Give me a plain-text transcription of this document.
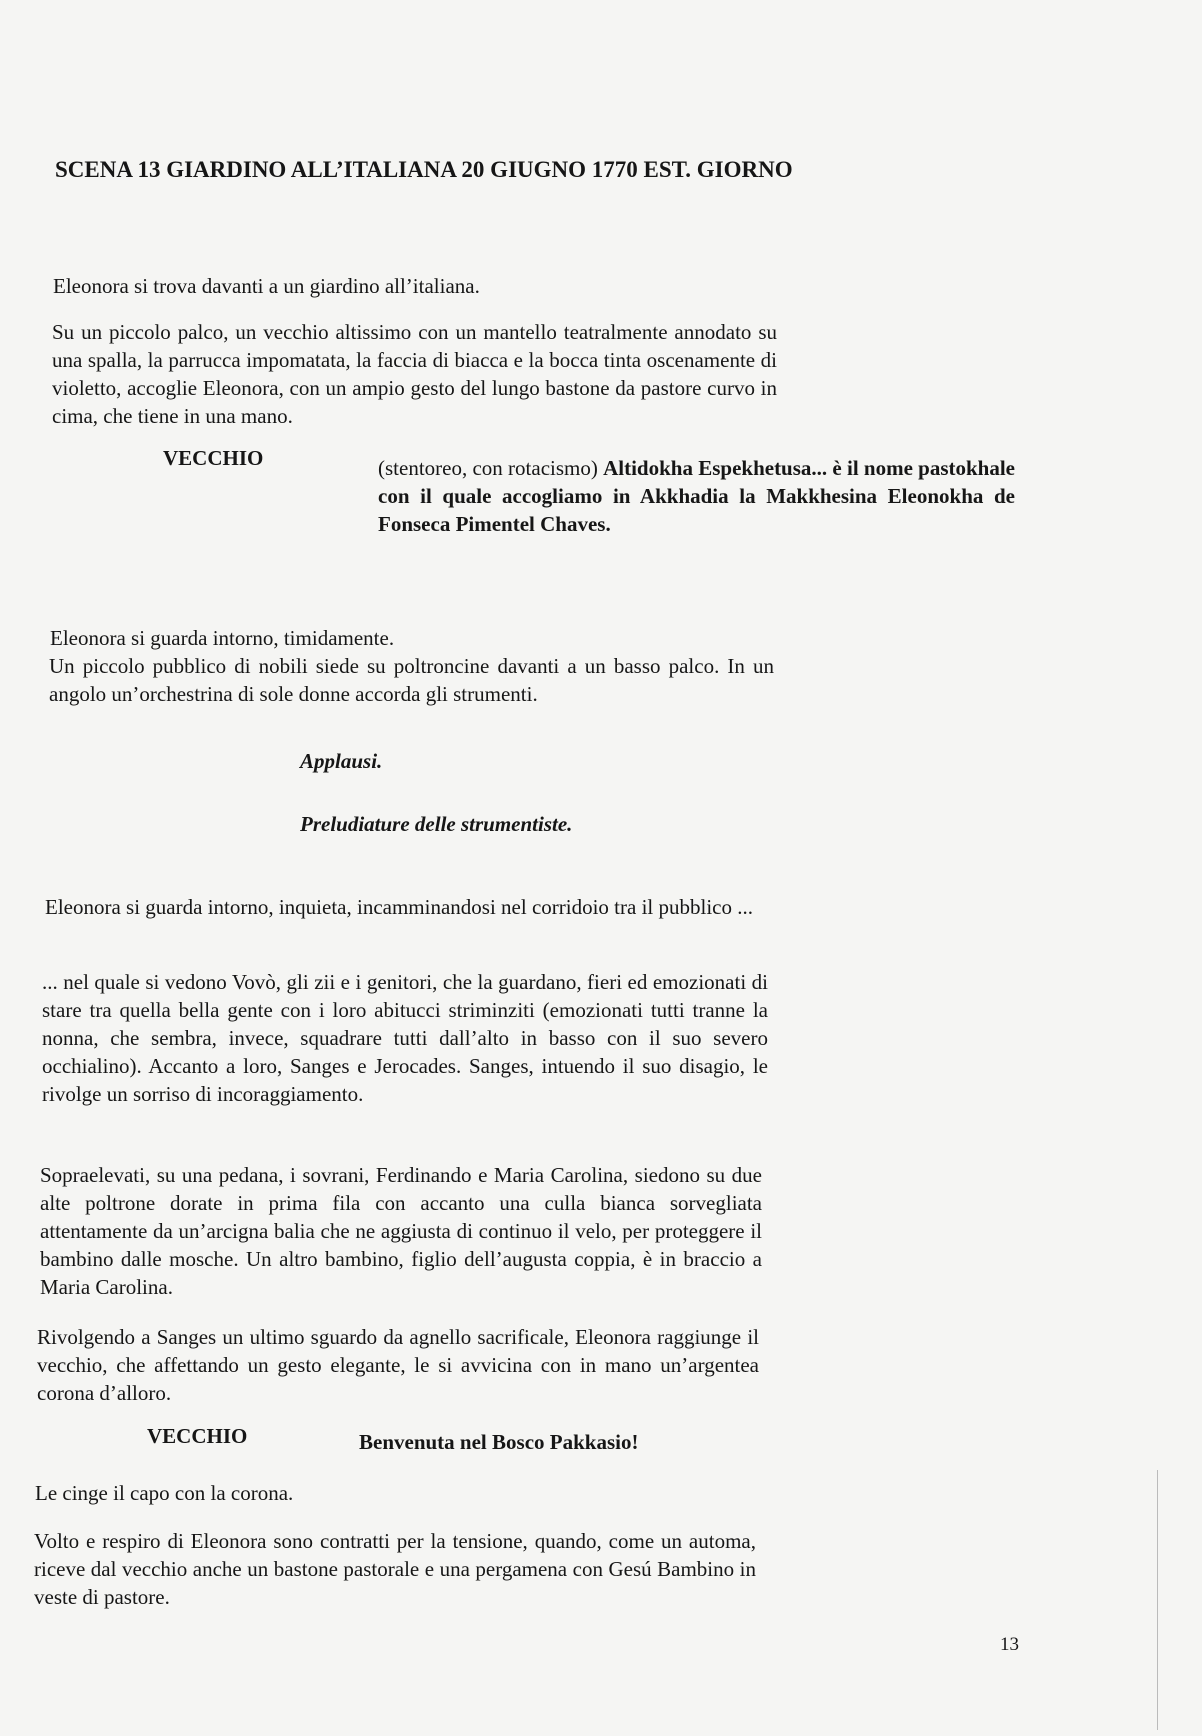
SCENA 13 GIARDINO ALL’ITALIANA 20 GIUGNO 1770 EST. GIORNO
Eleonora si trova davanti a un giardino all’italiana.
Su un piccolo palco, un vecchio altissimo con un mantello teatralmente annodato su una spalla, la parrucca impomatata, la faccia di biacca e la bocca tinta oscenamente di violetto, accoglie Eleonora, con un ampio gesto del lungo bastone da pastore curvo in cima, che tiene in una mano.
VECCHIO	(stentoreo, con rotacismo) Altidokha Espekhetusa... è il nome pastokhale con il quale accogliamo in Akkhadia la Makkhesina Eleonokha de Fonseca Pimentel Chaves.
Eleonora si guarda intorno, timidamente.
Un piccolo pubblico di nobili siede su poltroncine davanti a un basso palco. In un angolo un’orchestrina di sole donne accorda gli strumenti.
Applausi.
Preludiature delle strumentiste.
Eleonora si guarda intorno, inquieta, incamminandosi nel corridoio tra il pubblico ...
... nel quale si vedono Vovò, gli zii e i genitori, che la guardano, fieri ed emozionati di stare tra quella bella gente con i loro abitucci striminziti (emozionati tutti tranne la nonna, che sembra, invece, squadrare tutti dall’alto in basso con il suo severo occhialino). Accanto a loro, Sanges e Jerocades. Sanges, intuendo il suo disagio, le rivolge un sorriso di incoraggiamento.
Sopraelevati, su una pedana, i sovrani, Ferdinando e Maria Carolina, siedono su due alte poltrone dorate in prima fila con accanto una culla bianca sorvegliata attentamente da un’arcigna balia che ne aggiusta di continuo il velo, per proteggere il bambino dalle mosche. Un altro bambino, figlio dell’augusta coppia, è in braccio a Maria Carolina.
Rivolgendo a Sanges un ultimo sguardo da agnello sacrificale, Eleonora raggiunge il vecchio, che affettando un gesto elegante, le si avvicina con in mano un’argentea corona d’alloro.
VECCHIO	Benvenuta nel Bosco Pakkasio!
Le cinge il capo con la corona.
Volto e respiro di Eleonora sono contratti per la tensione, quando, come un automa, riceve dal vecchio anche un bastone pastorale e una pergamena con Gesú Bambino in veste di pastore.
13
